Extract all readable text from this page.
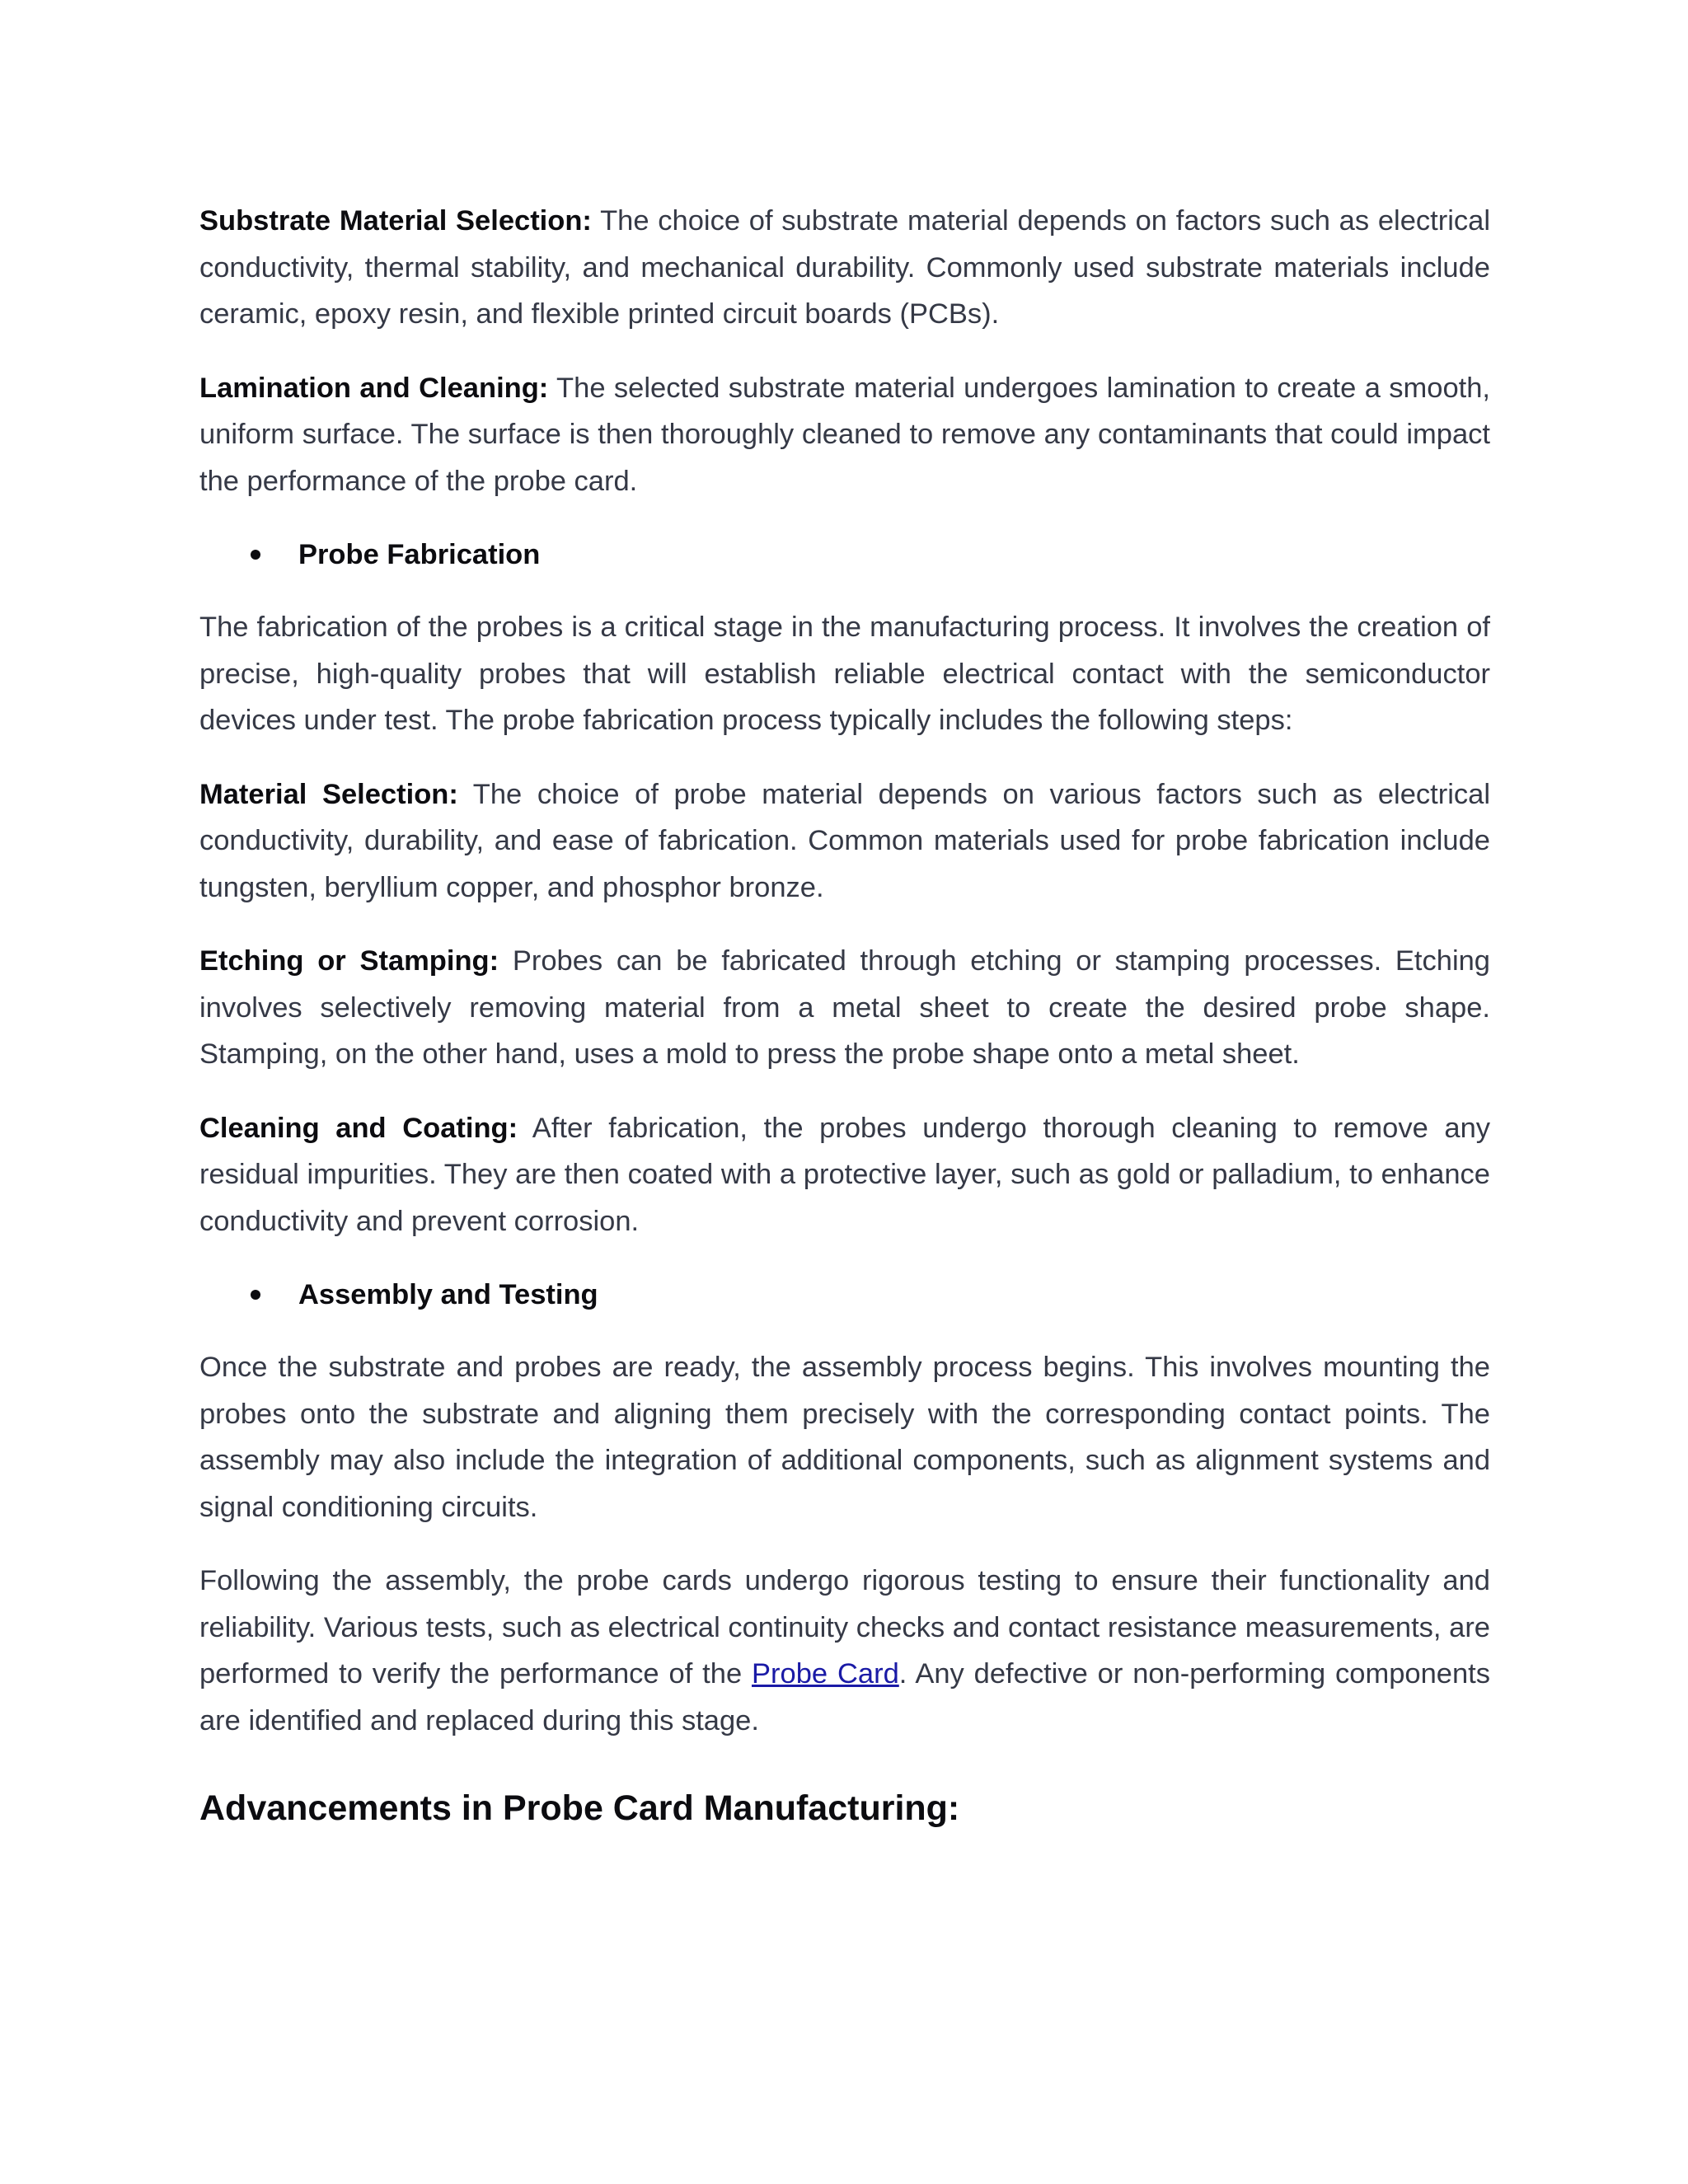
Substrate Material Selection: The choice of substrate material depends on factors such as electrical conductivity, thermal stability, and mechanical durability. Commonly used substrate materials include ceramic, epoxy resin, and flexible printed circuit boards (PCBs).

Lamination and Cleaning: The selected substrate material undergoes lamination to create a smooth, uniform surface. The surface is then thoroughly cleaned to remove any contaminants that could impact the performance of the probe card.

Probe Fabrication

The fabrication of the probes is a critical stage in the manufacturing process. It involves the creation of precise, high-quality probes that will establish reliable electrical contact with the semiconductor devices under test. The probe fabrication process typically includes the following steps:

Material Selection: The choice of probe material depends on various factors such as electrical conductivity, durability, and ease of fabrication. Common materials used for probe fabrication include tungsten, beryllium copper, and phosphor bronze.

Etching or Stamping: Probes can be fabricated through etching or stamping processes. Etching involves selectively removing material from a metal sheet to create the desired probe shape. Stamping, on the other hand, uses a mold to press the probe shape onto a metal sheet.

Cleaning and Coating: After fabrication, the probes undergo thorough cleaning to remove any residual impurities. They are then coated with a protective layer, such as gold or palladium, to enhance conductivity and prevent corrosion.

Assembly and Testing

Once the substrate and probes are ready, the assembly process begins. This involves mounting the probes onto the substrate and aligning them precisely with the corresponding contact points. The assembly may also include the integration of additional components, such as alignment systems and signal conditioning circuits.

Following the assembly, the probe cards undergo rigorous testing to ensure their functionality and reliability. Various tests, such as electrical continuity checks and contact resistance measurements, are performed to verify the performance of the Probe Card. Any defective or non-performing components are identified and replaced during this stage.

Advancements in Probe Card Manufacturing:
